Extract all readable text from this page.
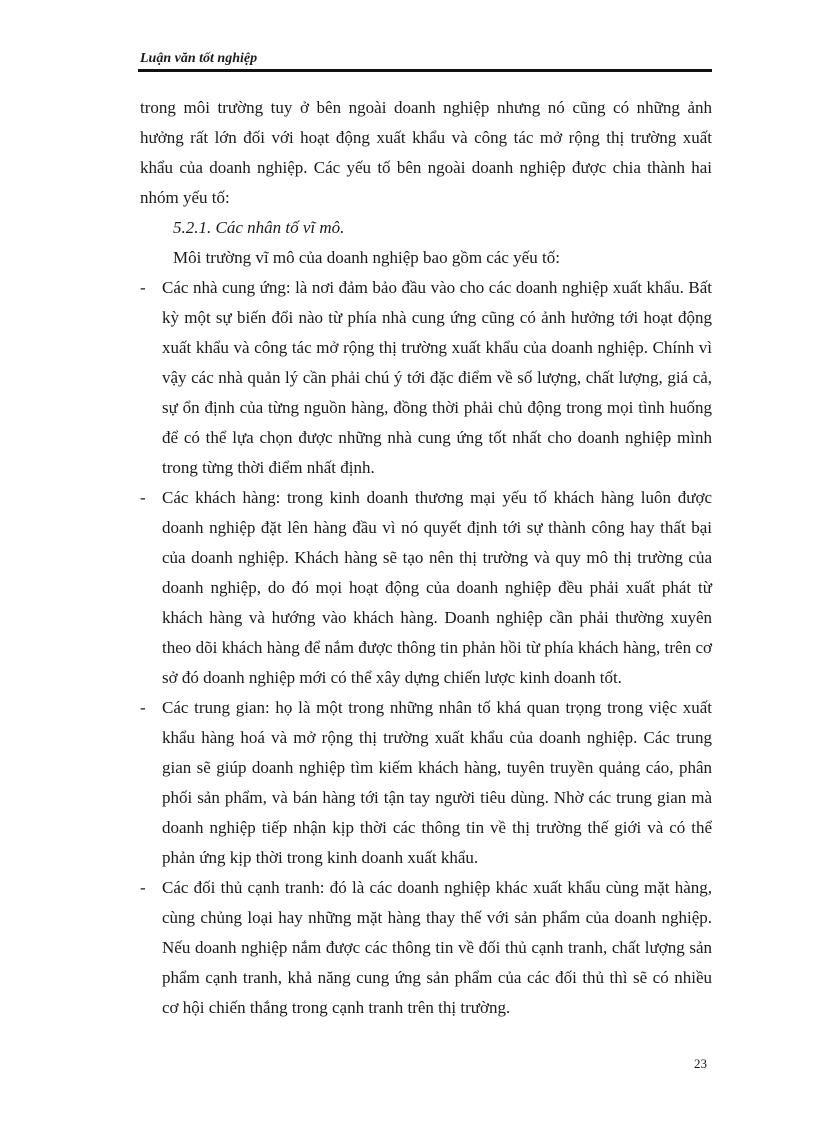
Luận văn tốt nghiệp

trong môi trường tuy ở bên ngoài doanh nghiệp nhưng nó cũng có những ảnh hưởng rất lớn đối với hoạt động xuất khẩu và công tác mở rộng thị trường xuất khẩu của doanh nghiệp. Các yếu tố bên ngoài doanh nghiệp được chia thành hai nhóm yếu tố:

5.2.1. Các nhân tố vĩ mô.

Môi trường vĩ mô của doanh nghiệp bao gồm các yếu tố:

- Các nhà cung ứng: là nơi đảm bảo đầu vào cho các doanh nghiệp xuất khẩu. Bất kỳ một sự biến đổi nào từ phía nhà cung ứng cũng có ảnh hưởng tới hoạt động xuất khẩu và công tác mở rộng thị trường xuất khẩu của doanh nghiệp. Chính vì vậy các nhà quản lý cần phải chú ý tới đặc điểm về số lượng, chất lượng, giá cả, sự ổn định của từng nguồn hàng, đồng thời phải chủ động trong mọi tình huống để có thể lựa chọn được những nhà cung ứng tốt nhất cho doanh nghiệp mình trong từng thời điểm nhất định.
- Các khách hàng: trong kinh doanh thương mại yếu tố khách hàng luôn được doanh nghiệp đặt lên hàng đầu vì nó quyết định tới sự thành công hay thất bại của doanh nghiệp. Khách hàng sẽ tạo nên thị trường và quy mô thị trường của doanh nghiệp, do đó mọi hoạt động của doanh nghiệp đều phải xuất phát từ khách hàng và hướng vào khách hàng. Doanh nghiệp cần phải thường xuyên theo dõi khách hàng để nắm được thông tin phản hồi từ phía khách hàng, trên cơ sở đó doanh nghiệp mới có thể xây dựng chiến lược kinh doanh tốt.
- Các trung gian: họ là một trong những nhân tố khá quan trọng trong việc xuất khẩu hàng hoá và mở rộng thị trường xuất khẩu của doanh nghiệp. Các trung gian sẽ giúp doanh nghiệp tìm kiếm khách hàng, tuyên truyền quảng cáo, phân phối sản phẩm, và bán hàng tới tận tay người tiêu dùng. Nhờ các trung gian mà doanh nghiệp tiếp nhận kịp thời các thông tin về thị trường thế giới và có thể phản ứng kịp thời trong kinh doanh xuất khẩu.
- Các đối thủ cạnh tranh: đó là các doanh nghiệp khác xuất khẩu cùng mặt hàng, cùng chủng loại hay những mặt hàng thay thế với sản phẩm của doanh nghiệp. Nếu doanh nghiệp nắm được các thông tin về đối thủ cạnh tranh, chất lượng sản phẩm cạnh tranh, khả năng cung ứng sản phẩm của các đối thủ thì sẽ có nhiều cơ hội chiến thắng trong cạnh tranh trên thị trường.
23
